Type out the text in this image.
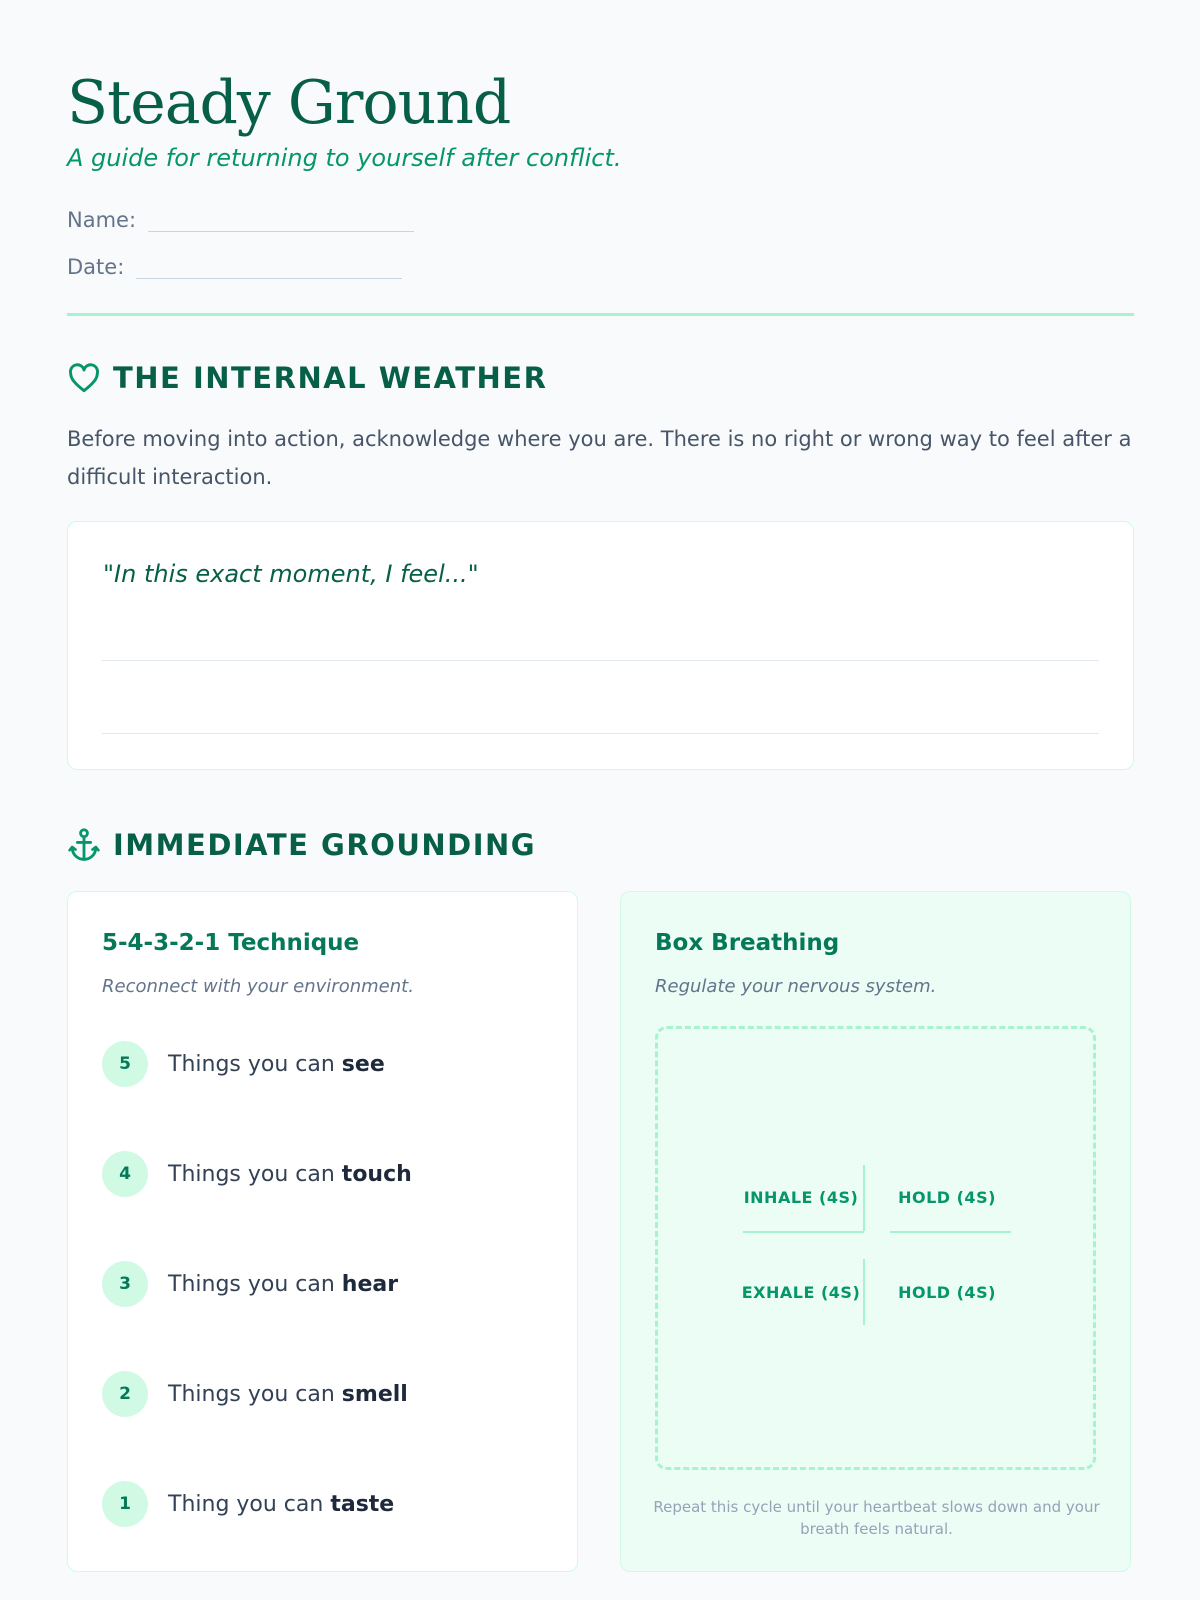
Steady Ground
A guide for returning to yourself after conflict.
Name:
Date:
THE INTERNAL WEATHER
Before moving into action, acknowledge where you are. There is no right or wrong way to feel after a difficult interaction.
"In this exact moment, I feel..."
IMMEDIATE GROUNDING
5-4-3-2-1 Technique
Reconnect with your environment.
5	Things you can see
4	Things you can touch
3	Things you can hear
2	Things you can smell
1	Thing you can taste
Box Breathing
Regulate your nervous system.
INHALE (4S)	HOLD (4S)
EXHALE (4S)	HOLD (4S)
Repeat this cycle until your heartbeat slows down and your breath feels natural.
